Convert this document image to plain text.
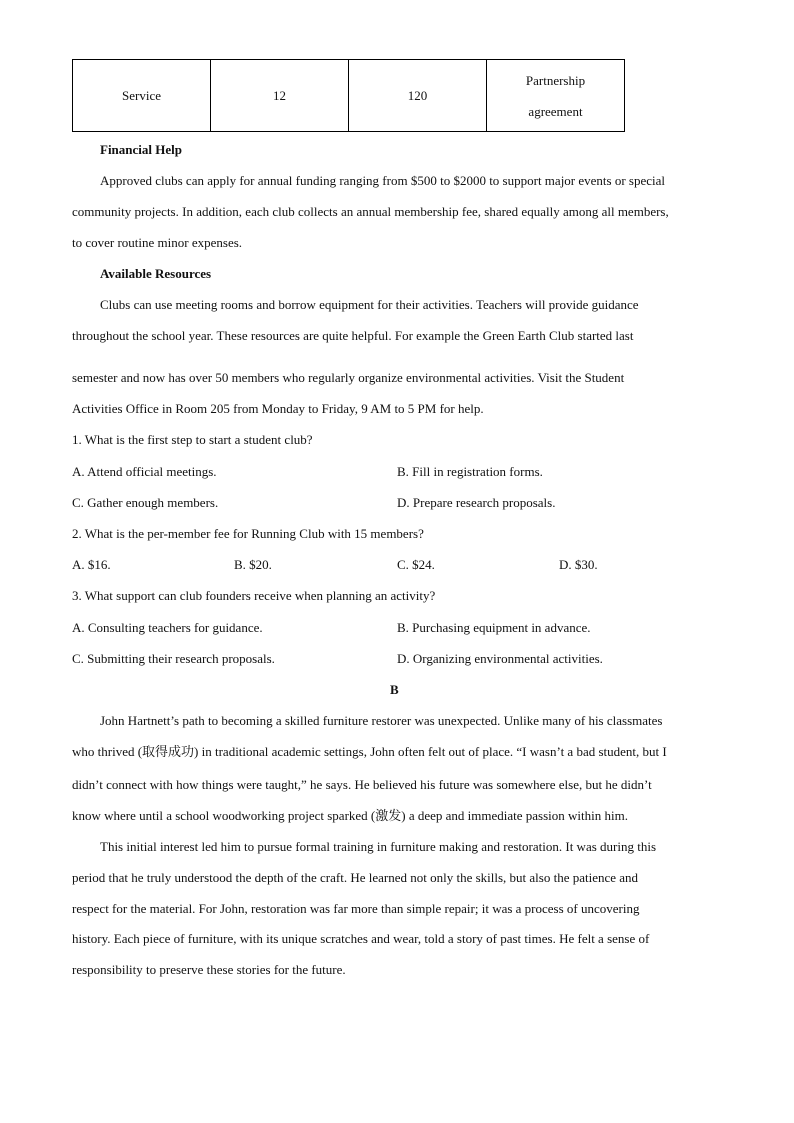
Service	12	120	Partnership
agreement
Financial Help
Approved clubs can apply for annual funding ranging from $500 to $2000 to support major events or special
community projects. In addition, each club collects an annual membership fee, shared equally among all members,
to cover routine minor expenses.
Available Resources
Clubs can use meeting rooms and borrow equipment for their activities. Teachers will provide guidance
throughout the school year. These resources are quite helpful. For example the Green Earth Club started last
semester and now has over 50 members who regularly organize environmental activities. Visit the Student
Activities Office in Room 205 from Monday to Friday, 9 AM to 5 PM for help.
1. What is the first step to start a student club?
A. Attend official meetings.	B. Fill in registration forms.
C. Gather enough members.	D. Prepare research proposals.
2. What is the per-member fee for Running Club with 15 members?
A. $16.	B. $20.	C. $24.	D. $30.
3. What support can club founders receive when planning an activity?
A. Consulting teachers for guidance.	B. Purchasing equipment in advance.
C. Submitting their research proposals.	D. Organizing environmental activities.
B
John Hartnett’s path to becoming a skilled furniture restorer was unexpected. Unlike many of his classmates
who thrived (取得成功) in traditional academic settings, John often felt out of place. “I wasn’t a bad student, but I
didn’t connect with how things were taught,” he says. He believed his future was somewhere else, but he didn’t
know where until a school woodworking project sparked (激发) a deep and immediate passion within him.
This initial interest led him to pursue formal training in furniture making and restoration. It was during this
period that he truly understood the depth of the craft. He learned not only the skills, but also the patience and
respect for the material. For John, restoration was far more than simple repair; it was a process of uncovering
history. Each piece of furniture, with its unique scratches and wear, told a story of past times. He felt a sense of
responsibility to preserve these stories for the future.
